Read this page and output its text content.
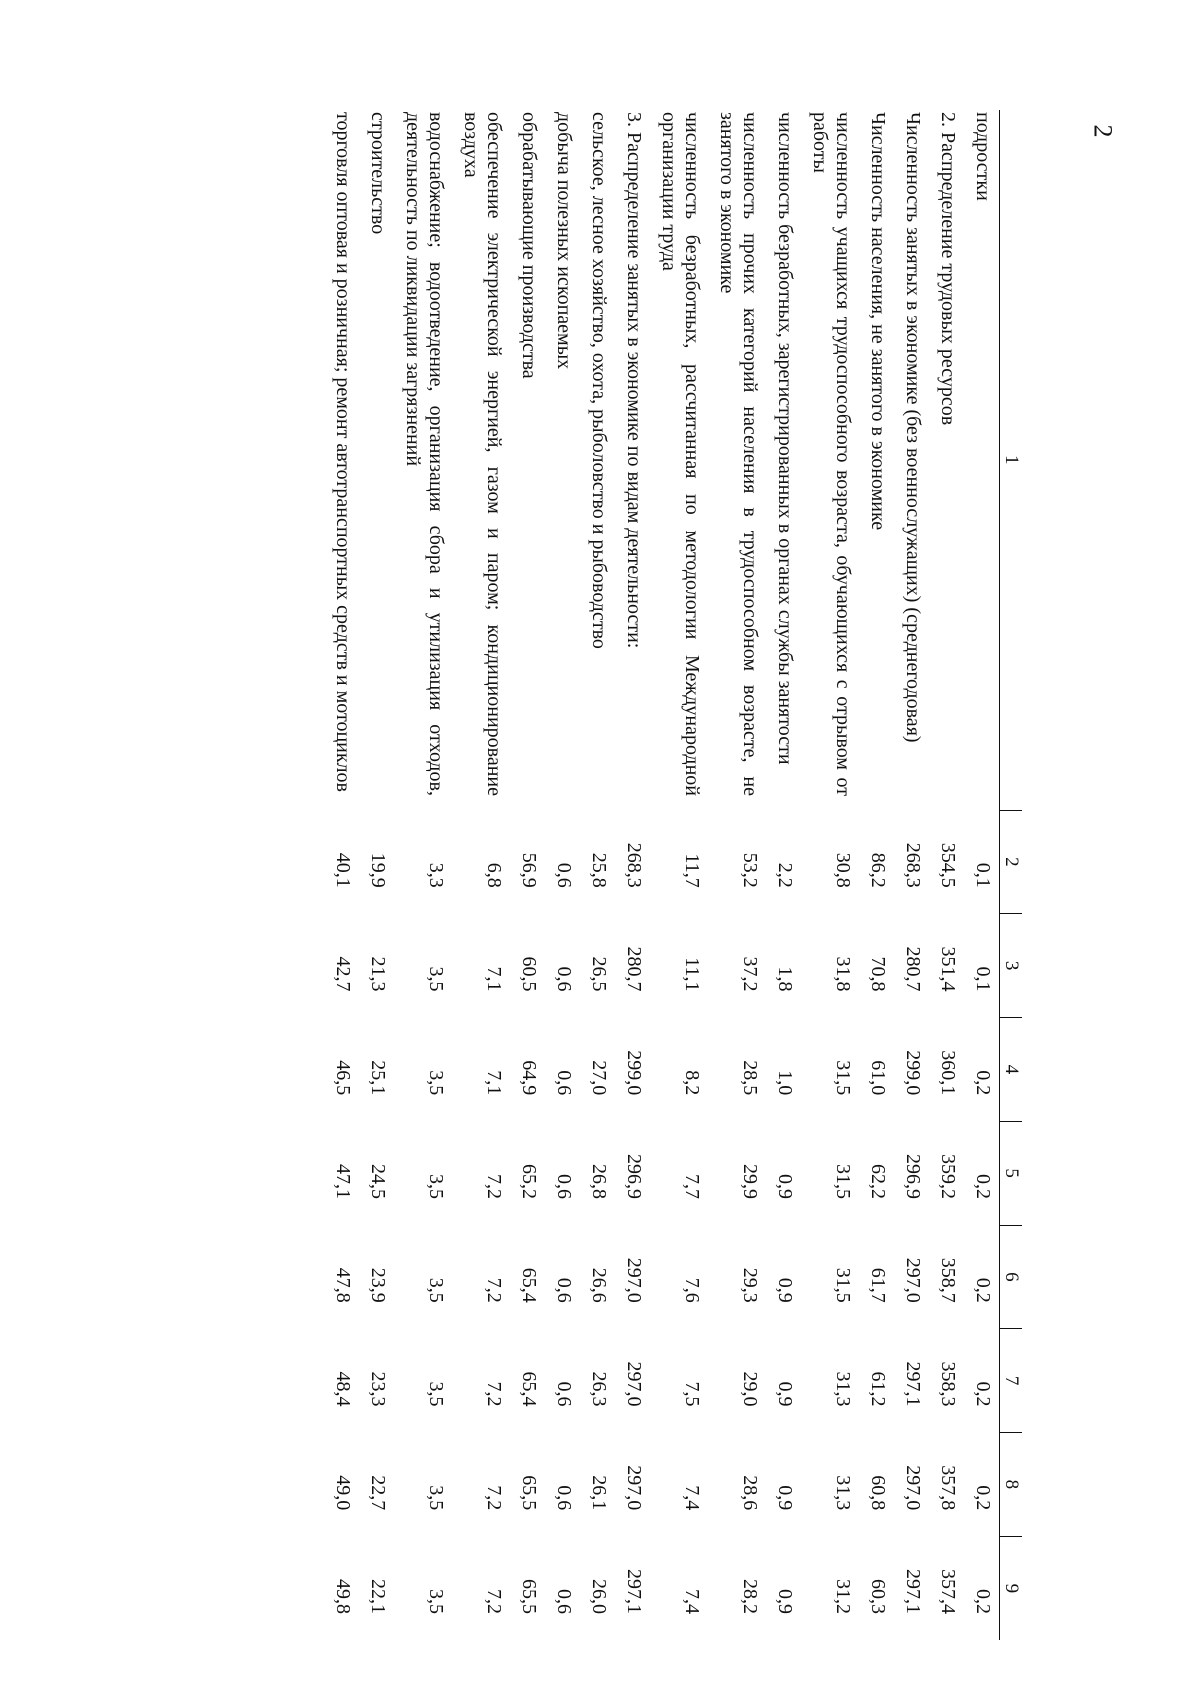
2
1	2	3	4	5	6	7	8	9
подростки	0,1	0,1	0,2	0,2	0,2	0,2	0,2	0,2
2. Распределение трудовых ресурсов	354,5	351,4	360,1	359,2	358,7	358,3	357,8	357,4
Численность занятых в экономике (без военнослужащих) (среднегодовая)	268,3	280,7	299,0	296,9	297,0	297,1	297,0	297,1
Численность населения, не занятого в экономике	86,2	70,8	61,0	62,2	61,7	61,2	60,8	60,3
численность учащихся трудоспособного возраста, обучающихся с отрывом от работы	30,8	31,8	31,5	31,5	31,5	31,3	31,3	31,2
численность безработных, зарегистрированных в органах службы занятости	2,2	1,8	1,0	0,9	0,9	0,9	0,9	0,9
численность прочих категорий населения в трудоспособном возрасте, не занятого в экономике	53,2	37,2	28,5	29,9	29,3	29,0	28,6	28,2
численность безработных, рассчитанная по методологии Международной организации труда	11,7	11,1	8,2	7,7	7,6	7,5	7,4	7,4
3. Распределение занятых в экономике по видам деятельности:	268,3	280,7	299,0	296,9	297,0	297,0	297,0	297,1
сельское, лесное хозяйство, охота, рыболовство и рыбоводство	25,8	26,5	27,0	26,8	26,6	26,3	26,1	26,0
добыча полезных ископаемых	0,6	0,6	0,6	0,6	0,6	0,6	0,6	0,6
обрабатывающие производства	56,9	60,5	64,9	65,2	65,4	65,4	65,5	65,5
обеспечение электрической энергией, газом и паром; кондиционирование воздуха	6,8	7,1	7,1	7,2	7,2	7,2	7,2	7,2
водоснабжение; водоотведение, организация сбора и утилизация отходов, деятельность по ликвидации загрязнений	3,3	3,5	3,5	3,5	3,5	3,5	3,5	3,5
строительство	19,9	21,3	25,1	24,5	23,9	23,3	22,7	22,1
торговля оптовая и розничная; ремонт автотранспортных средств и мотоциклов	40,1	42,7	46,5	47,1	47,8	48,4	49,0	49,8
